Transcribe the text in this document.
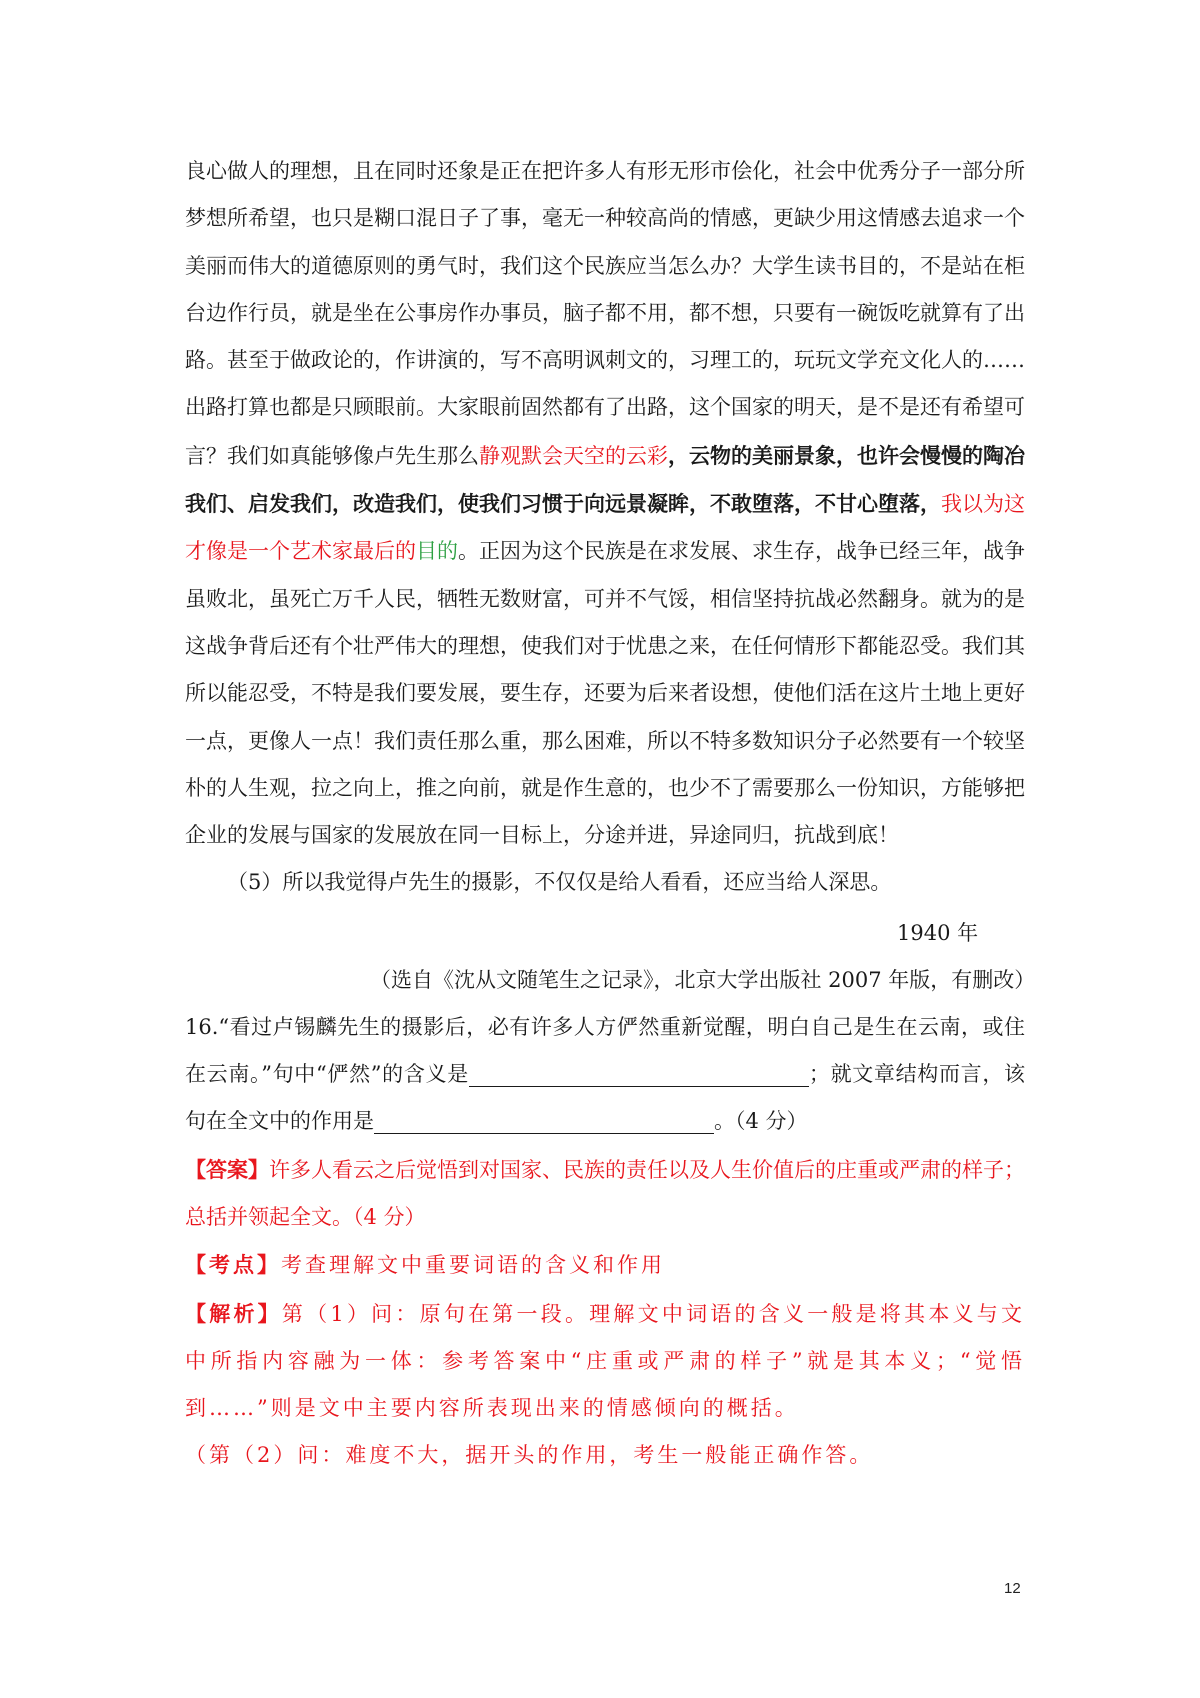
良心做人的理想，且在同时还象是正在把许多人有形无形市侩化，社会中优秀分子一部分所梦想所希望，也只是糊口混日子了事，毫无一种较高尚的情感，更缺少用这情感去追求一个美丽而伟大的道德原则的勇气时，我们这个民族应当怎么办？大学生读书目的，不是站在柜台边作行员，就是坐在公事房作办事员，脑子都不用，都不想，只要有一碗饭吃就算有了出路。甚至于做政论的，作讲演的，写不高明讽刺文的，习理工的，玩玩文学充文化人的……出路打算也都是只顾眼前。大家眼前固然都有了出路，这个国家的明天，是不是还有希望可言？我们如真能够像卢先生那么静观默会天空的云彩，云物的美丽景象，也许会慢慢的陶冶我们、启发我们，改造我们，使我们习惯于向远景凝眸，不敢堕落，不甘心堕落，我以为这才像是一个艺术家最后的目的。正因为这个民族是在求发展、求生存，战争已经三年，战争虽败北，虽死亡万千人民，牺牲无数财富，可并不气馁，相信坚持抗战必然翻身。就为的是这战争背后还有个壮严伟大的理想，使我们对于忧患之来，在任何情形下都能忍受。我们其所以能忍受，不特是我们要发展，要生存，还要为后来者设想，使他们活在这片土地上更好一点，更像人一点！我们责任那么重，那么困难，所以不特多数知识分子必然要有一个较坚朴的人生观，拉之向上，推之向前，就是作生意的，也少不了需要那么一份知识，方能够把企业的发展与国家的发展放在同一目标上，分途并进，异途同归，抗战到底！

（5）所以我觉得卢先生的摄影，不仅仅是给人看看，还应当给人深思。

1940 年

（选自《沈从文随笔生之记录》，北京大学出版社 2007 年版，有删改）

16.“看过卢锡麟先生的摄影后，必有许多人方俨然重新觉醒，明白自己是生在云南，或住在云南。”句中“俨然”的含义是	；就文章结构而言，该句在全文中的作用是	。（4 分）

【答案】许多人看云之后觉悟到对国家、民族的责任以及人生价值后的庄重或严肃的样子；总括并领起全文。（4 分）

【考点】考查理解文中重要词语的含义和作用

【解析】第（1）问：原句在第一段。理解文中词语的含义一般是将其本义与文中所指内容融为一体：参考答案中“庄重或严肃的样子”就是其本义；“觉悟到……”则是文中主要内容所表现出来的情感倾向的概括。

（第（2）问：难度不大，据开头的作用，考生一般能正确作答。

12
